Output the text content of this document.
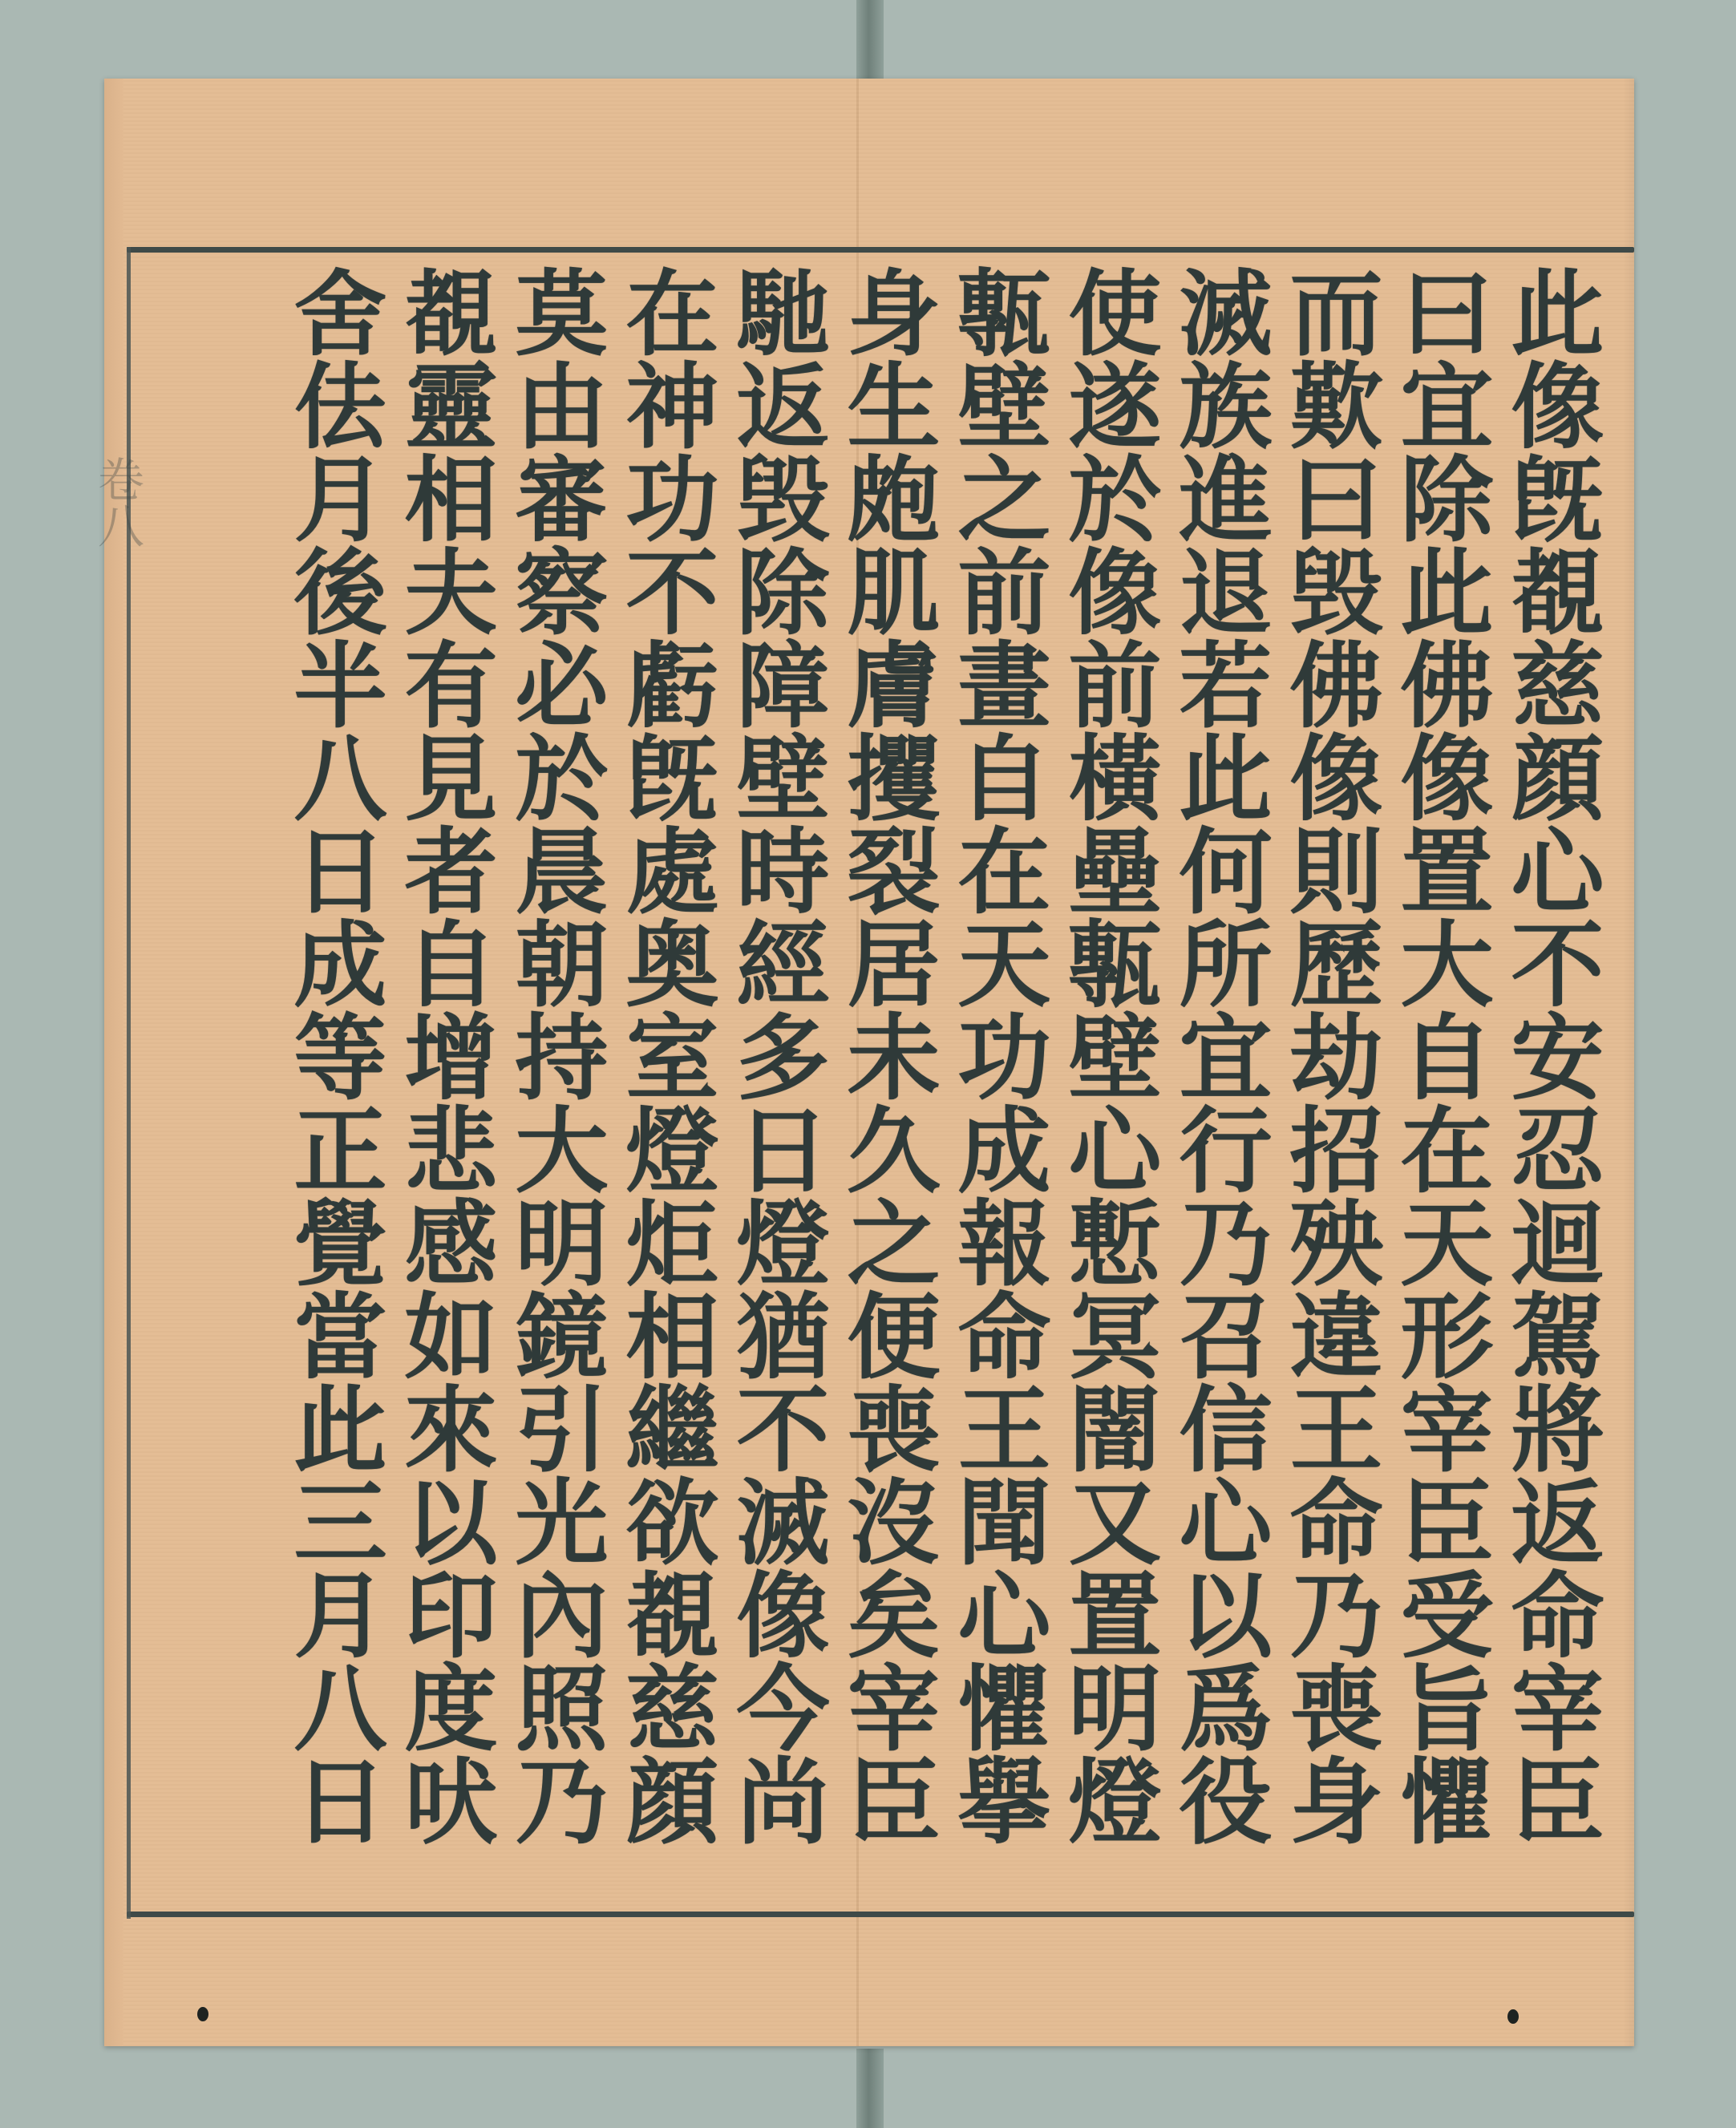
卷八	此像旣覩慈顔心不安忍迴駕將返命宰臣
曰宜除此佛像置大自在天形宰臣受旨懼
而歎曰毁佛像則歷劫招殃違王命乃喪身
滅族進退若此何所宜行乃召信心以爲役
使遂於像前橫壘甎壁心慙冥闇又置明燈
甎壁之前畫自在天功成報命王聞心懼擧
身生皰肌膚攫裂居未久之便喪沒矣宰臣
馳返毁除障壁時經多日燈猶不滅像今尚
在神功不虧旣處奥室燈炬相繼欲覩慈顔
莫由審察必於晨朝持大明鏡引光內照乃
覩靈相夫有見者自增悲感如來以印度吠
舍佉月後半八日成等正覺當此三月八日
